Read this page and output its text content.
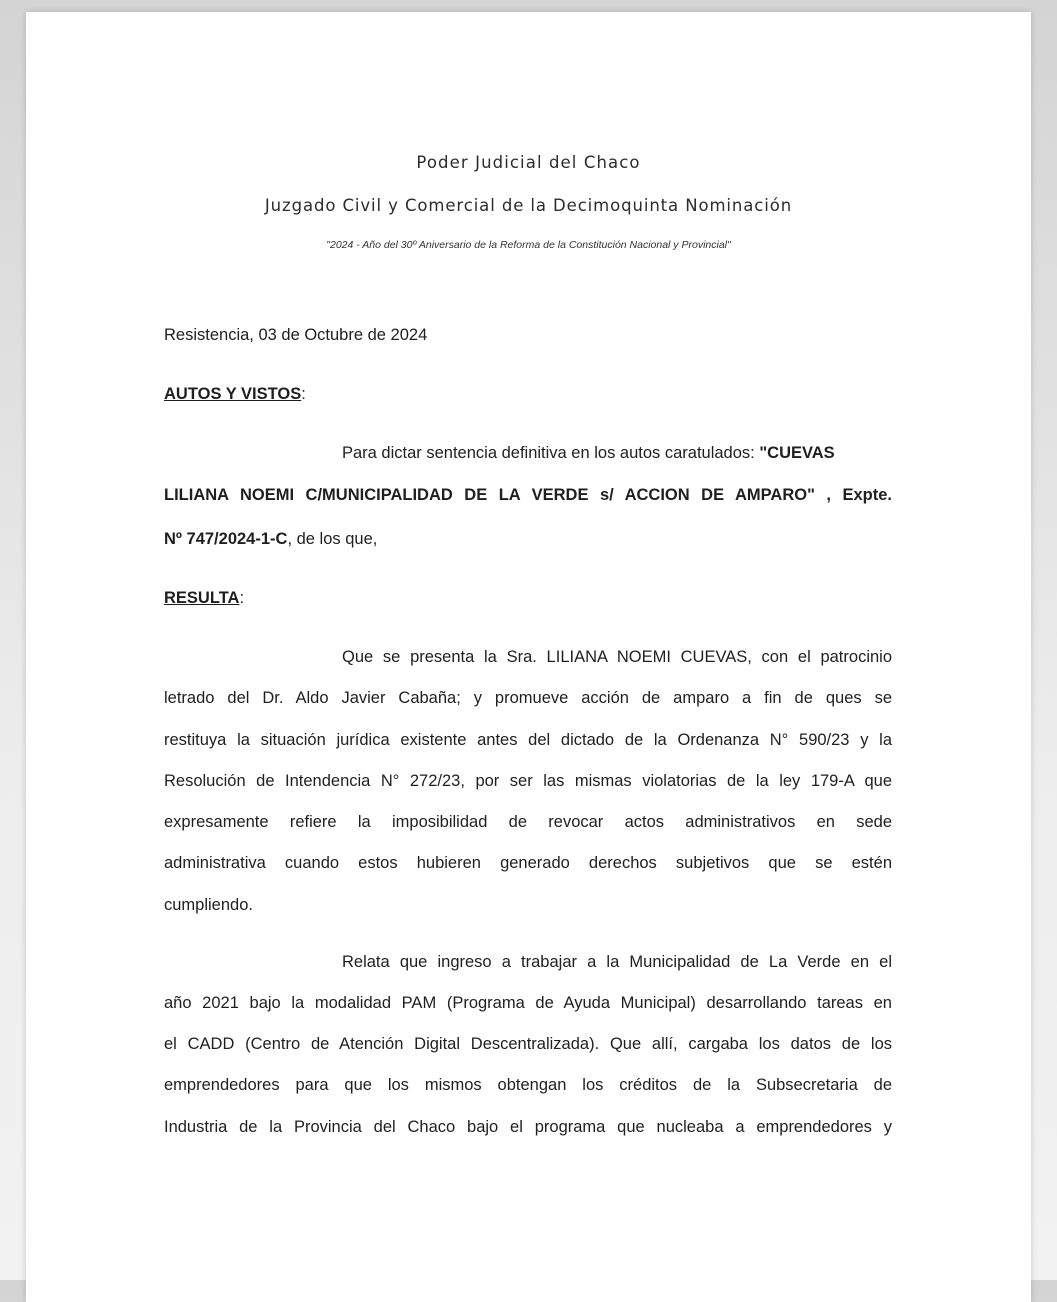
Poder Judicial del Chaco
Juzgado Civil y Comercial de la Decimoquinta Nominación
"2024 - Año del 30º Aniversario de la Reforma de la Constitución Nacional y Provincial"
Resistencia, 03 de Octubre de 2024
AUTOS Y VISTOS:
Para dictar sentencia definitiva en los autos caratulados: "CUEVAS
LILIANA NOEMI C/MUNICIPALIDAD DE LA VERDE s/ ACCION DE AMPARO" , Expte.
Nº 747/2024-1-C, de los que,
RESULTA:
Que se presenta la Sra. LILIANA NOEMI CUEVAS, con el patrocinio
letrado del Dr. Aldo Javier Cabaña; y promueve acción de amparo a fin de ques se
restituya la situación jurídica existente antes del dictado de la Ordenanza N° 590/23 y la
Resolución de Intendencia N° 272/23, por ser las mismas violatorias de la ley 179-A que
expresamente refiere la imposibilidad de revocar actos administrativos en sede
administrativa cuando estos hubieren generado derechos subjetivos que se estén
cumpliendo.
Relata que ingreso a trabajar a la Municipalidad de La Verde en el
año 2021 bajo la modalidad PAM (Programa de Ayuda Municipal) desarrollando tareas en
el CADD (Centro de Atención Digital Descentralizada). Que allí, cargaba los datos de los
emprendedores para que los mismos obtengan los créditos de la Subsecretaria de
Industria de la Provincia del Chaco bajo el programa que nucleaba a emprendedores y
